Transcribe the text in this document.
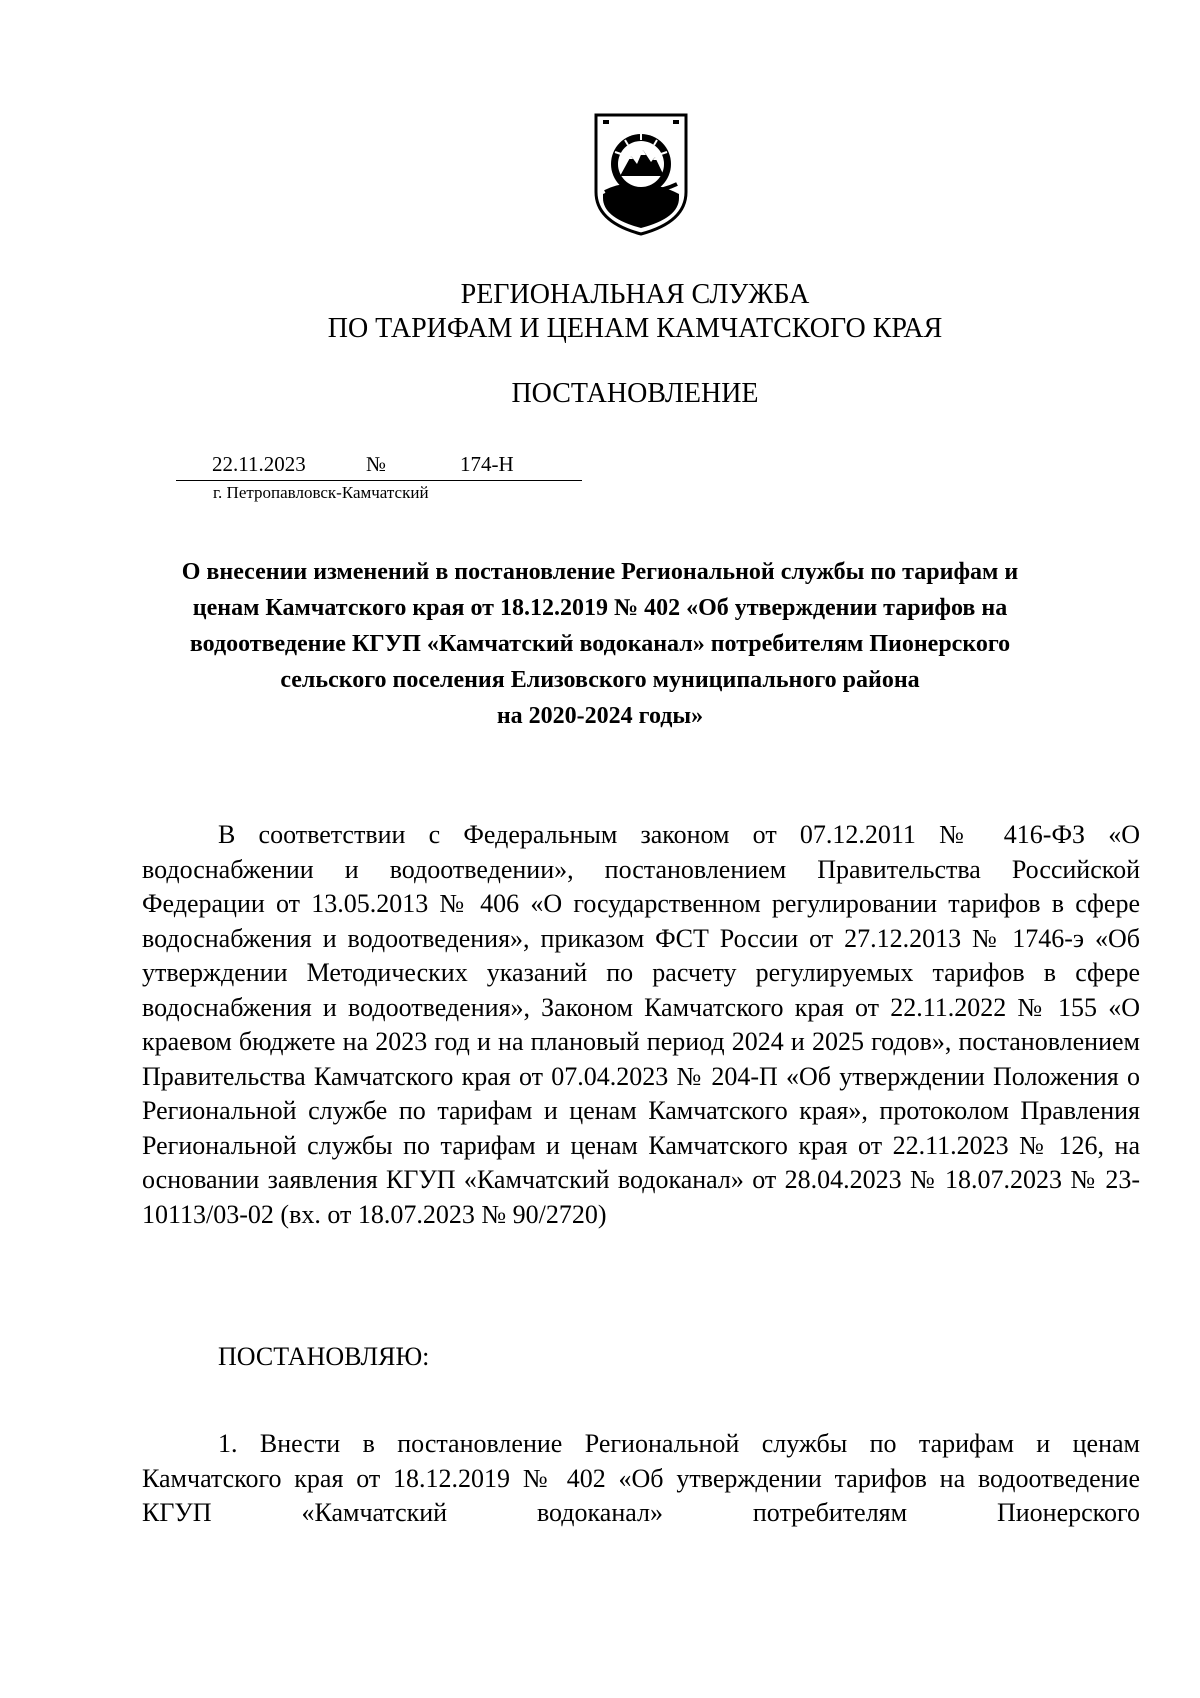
РЕГИОНАЛЬНАЯ СЛУЖБА
ПО ТАРИФАМ И ЦЕНАМ КАМЧАТСКОГО КРАЯ
ПОСТАНОВЛЕНИЕ
22.11.2023	№	174-Н
г. Петропавловск-Камчатский
О внесении изменений в постановление Региональной службы по тарифам и
ценам Камчатского края от 18.12.2019 № 402 «Об утверждении тарифов на
водоотведение КГУП «Камчатский водоканал» потребителям Пионерского
сельского поселения Елизовского муниципального района
на 2020-2024 годы»
В соответствии с Федеральным законом от 07.12.2011 № 416-ФЗ «О водоснабжении и водоотведении», постановлением Правительства Российской Федерации от 13.05.2013 № 406 «О государственном регулировании тарифов в сфере водоснабжения и водоотведения», приказом ФСТ России от 27.12.2013 № 1746-э «Об утверждении Методических указаний по расчету регулируемых тарифов в сфере водоснабжения и водоотведения», Законом Камчатского края от 22.11.2022 № 155 «О краевом бюджете на 2023 год и на плановый период 2024 и 2025 годов», постановлением Правительства Камчатского края от 07.04.2023 № 204-П «Об утверждении Положения о Региональной службе по тарифам и ценам Камчатского края», протоколом Правления Региональной службы по тарифам и ценам Камчатского края от 22.11.2023 № 126, на основании заявления КГУП «Камчатский водоканал» от 28.04.2023 № 18.07.2023 № 23-10113/03-02 (вх. от 18.07.2023 № 90/2720)
ПОСТАНОВЛЯЮ:
1. Внести в постановление Региональной службы по тарифам и ценам Камчатского края от 18.12.2019 № 402 «Об утверждении тарифов на водоотведение КГУП «Камчатский водоканал» потребителям Пионерского
